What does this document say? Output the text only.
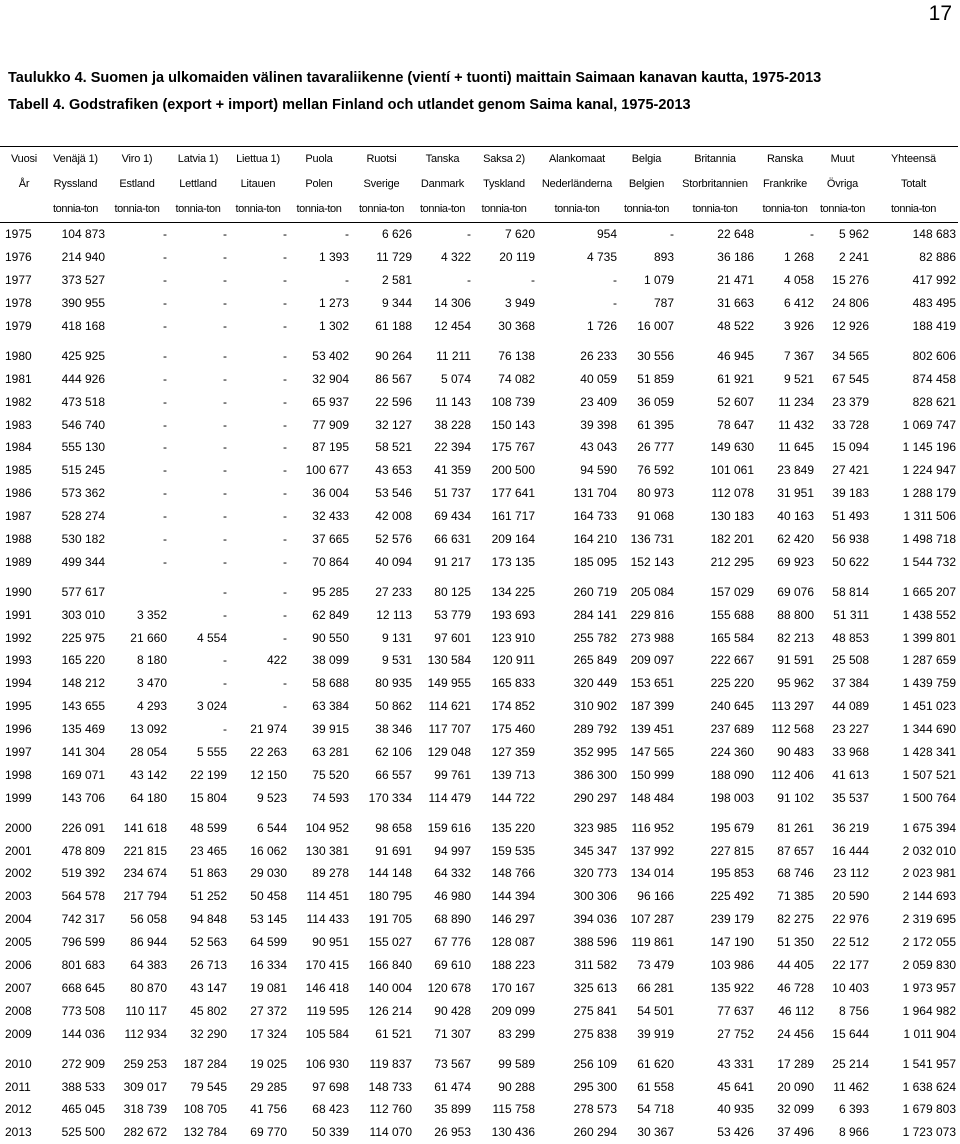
17
Taulukko 4. Suomen ja ulkomaiden välinen tavaraliikenne (vientí + tuonti) maittain Saimaan kanavan kautta, 1975-2013
Tabell 4. Godstrafiken (export + import) mellan Finland och utlandet genom Saima kanal, 1975-2013
Vuosi	Venäjä 1)	Viro 1)	Latvia 1)	Liettua 1)	Puola	Ruotsi	Tanska	Saksa 2)	Alankomaat	Belgia	Britannia	Ranska	Muut	Yhteensä
År	Ryssland	Estland	Lettland	Litauen	Polen	Sverige	Danmark	Tyskland	Nederländerna	Belgien	Storbritannien	Frankrike	Övriga	Totalt
	tonnia-ton	tonnia-ton	tonnia-ton	tonnia-ton	tonnia-ton	tonnia-ton	tonnia-ton	tonnia-ton	tonnia-ton	tonnia-ton	tonnia-ton	tonnia-ton	tonnia-ton	tonnia-ton
1975	104 873	-	-	-	-	6 626	-	7 620	954	-	22 648	-	5 962	148 683
1976	214 940	-	-	-	1 393	11 729	4 322	20 119	4 735	893	36 186	1 268	2 241	82 886
1977	373 527	-	-	-	-	2 581	-	-	-	1 079	21 471	4 058	15 276	417 992
1978	390 955	-	-	-	1 273	9 344	14 306	3 949	-	787	31 663	6 412	24 806	483 495
1979	418 168	-	-	-	1 302	61 188	12 454	30 368	1 726	16 007	48 522	3 926	12 926	188 419

1980	425 925	-	-	-	53 402	90 264	11 211	76 138	26 233	30 556	46 945	7 367	34 565	802 606
1981	444 926	-	-	-	32 904	86 567	5 074	74 082	40 059	51 859	61 921	9 521	67 545	874 458
1982	473 518	-	-	-	65 937	22 596	11 143	108 739	23 409	36 059	52 607	11 234	23 379	828 621
1983	546 740	-	-	-	77 909	32 127	38 228	150 143	39 398	61 395	78 647	11 432	33 728	1 069 747
1984	555 130	-	-	-	87 195	58 521	22 394	175 767	43 043	26 777	149 630	11 645	15 094	1 145 196
1985	515 245	-	-	-	100 677	43 653	41 359	200 500	94 590	76 592	101 061	23 849	27 421	1 224 947
1986	573 362	-	-	-	36 004	53 546	51 737	177 641	131 704	80 973	112 078	31 951	39 183	1 288 179
1987	528 274	-	-	-	32 433	42 008	69 434	161 717	164 733	91 068	130 183	40 163	51 493	1 311 506
1988	530 182	-	-	-	37 665	52 576	66 631	209 164	164 210	136 731	182 201	62 420	56 938	1 498 718
1989	499 344	-	-	-	70 864	40 094	91 217	173 135	185 095	152 143	212 295	69 923	50 622	1 544 732

1990	577 617		-	-	95 285	27 233	80 125	134 225	260 719	205 084	157 029	69 076	58 814	1 665 207
1991	303 010	3 352	-	-	62 849	12 113	53 779	193 693	284 141	229 816	155 688	88 800	51 311	1 438 552
1992	225 975	21 660	4 554	-	90 550	9 131	97 601	123 910	255 782	273 988	165 584	82 213	48 853	1 399 801
1993	165 220	8 180	-	422	38 099	9 531	130 584	120 911	265 849	209 097	222 667	91 591	25 508	1 287 659
1994	148 212	3 470	-	-	58 688	80 935	149 955	165 833	320 449	153 651	225 220	95 962	37 384	1 439 759
1995	143 655	4 293	3 024	-	63 384	50 862	114 621	174 852	310 902	187 399	240 645	113 297	44 089	1 451 023
1996	135 469	13 092	-	21 974	39 915	38 346	117 707	175 460	289 792	139 451	237 689	112 568	23 227	1 344 690
1997	141 304	28 054	5 555	22 263	63 281	62 106	129 048	127 359	352 995	147 565	224 360	90 483	33 968	1 428 341
1998	169 071	43 142	22 199	12 150	75 520	66 557	99 761	139 713	386 300	150 999	188 090	112 406	41 613	1 507 521
1999	143 706	64 180	15 804	9 523	74 593	170 334	114 479	144 722	290 297	148 484	198 003	91 102	35 537	1 500 764

2000	226 091	141 618	48 599	6 544	104 952	98 658	159 616	135 220	323 985	116 952	195 679	81 261	36 219	1 675 394
2001	478 809	221 815	23 465	16 062	130 381	91 691	94 997	159 535	345 347	137 992	227 815	87 657	16 444	2 032 010
2002	519 392	234 674	51 863	29 030	89 278	144 148	64 332	148 766	320 773	134 014	195 853	68 746	23 112	2 023 981
2003	564 578	217 794	51 252	50 458	114 451	180 795	46 980	144 394	300 306	96 166	225 492	71 385	20 590	2 144 693
2004	742 317	56 058	94 848	53 145	114 433	191 705	68 890	146 297	394 036	107 287	239 179	82 275	22 976	2 319 695
2005	796 599	86 944	52 563	64 599	90 951	155 027	67 776	128 087	388 596	119 861	147 190	51 350	22 512	2 172 055
2006	801 683	64 383	26 713	16 334	170 415	166 840	69 610	188 223	311 582	73 479	103 986	44 405	22 177	2 059 830
2007	668 645	80 870	43 147	19 081	146 418	140 004	120 678	170 167	325 613	66 281	135 922	46 728	10 403	1 973 957
2008	773 508	110 117	45 802	27 372	119 595	126 214	90 428	209 099	275 841	54 501	77 637	46 112	8 756	1 964 982
2009	144 036	112 934	32 290	17 324	105 584	61 521	71 307	83 299	275 838	39 919	27 752	24 456	15 644	1 011 904

2010	272 909	259 253	187 284	19 025	106 930	119 837	73 567	99 589	256 109	61 620	43 331	17 289	25 214	1 541 957
2011	388 533	309 017	79 545	29 285	97 698	148 733	61 474	90 288	295 300	61 558	45 641	20 090	11 462	1 638 624
2012	465 045	318 739	108 705	41 756	68 423	112 760	35 899	115 758	278 573	54 718	40 935	32 099	6 393	1 679 803
2013	525 500	282 672	132 784	69 770	50 339	114 070	26 953	130 436	260 294	30 367	53 426	37 496	8 966	1 723 073
